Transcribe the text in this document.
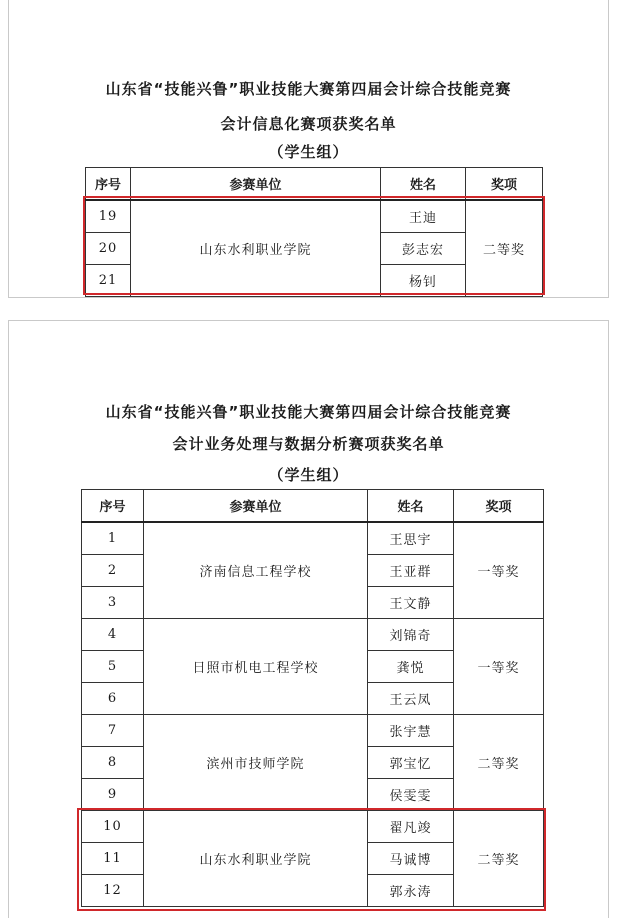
山东省“技能兴鲁”职业技能大赛第四届会计综合技能竞赛
会计信息化赛项获奖名单
（学生组）
序号	参赛单位	姓名	奖项
19	山东水利职业学院	王迪	二等奖
20		彭志宏	
21		杨钊	
山东省“技能兴鲁”职业技能大赛第四届会计综合技能竞赛
会计业务处理与数据分析赛项获奖名单
（学生组）
序号	参赛单位	姓名	奖项
1	济南信息工程学校	王思宇	一等奖
2		王亚群	
3		王文静	
4	日照市机电工程学校	刘锦奇	一等奖
5		龚悦	
6		王云凤	
7	滨州市技师学院	张宇慧	二等奖
8		郭宝忆	
9		侯雯雯	
10	山东水利职业学院	翟凡竣	二等奖
11		马诚博	
12		郭永涛	
